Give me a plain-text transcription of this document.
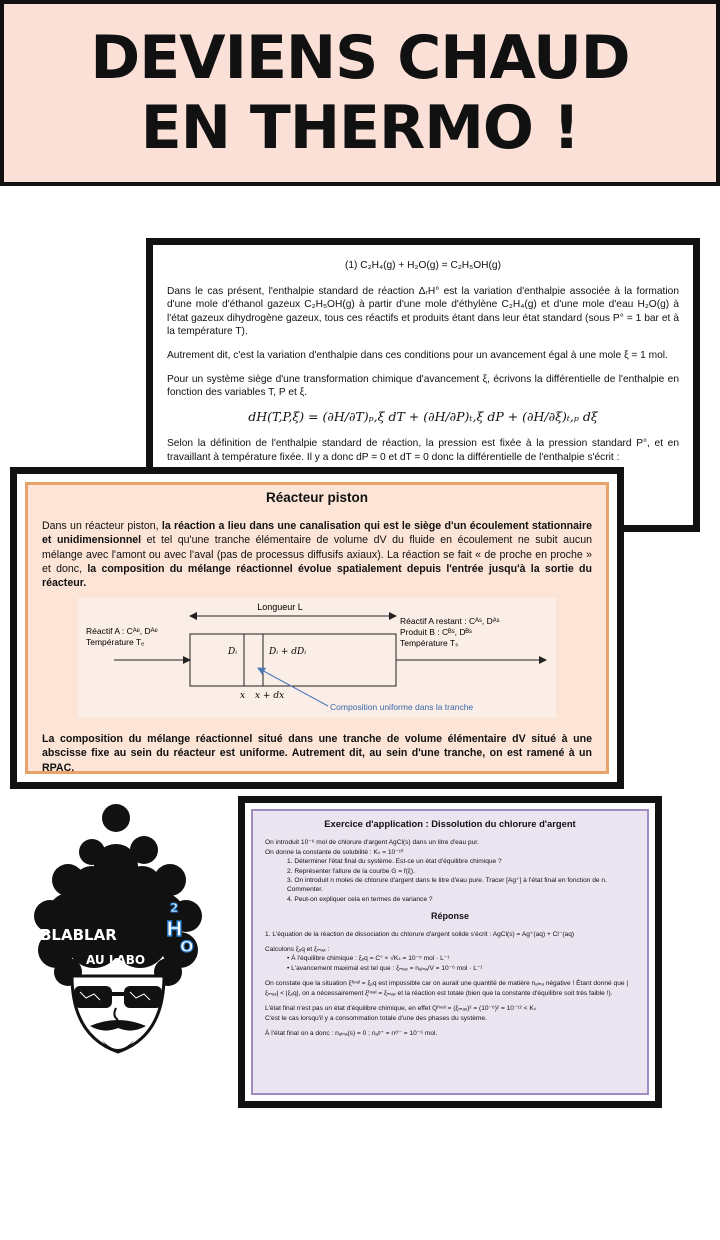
DEVIENS CHAUD
EN THERMO !
(1) C₂H₄(g) + H₂O(g) = C₂H₅OH(g)

Dans le cas présent, l'enthalpie standard de réaction ΔᵣH° est la variation d'enthalpie associée à la formation d'une mole d'éthanol gazeux C₂H₅OH(g) à partir d'une mole d'éthylène C₂H₄(g) et d'une mole d'eau H₂O(g) à l'état gazeux dihydrogène gazeux, tous ces réactifs et produits étant dans leur état standard (sous P° = 1 bar et à la température T).

Autrement dit, c'est la variation d'enthalpie dans ces conditions pour un avancement égal à une mole ξ = 1 mol.

Pour un système siège d'une transformation chimique d'avancement ξ, écrivons la différentielle de l'enthalpie en fonction des variables T, P et ξ.

dH(T,P,ξ) = (∂H/∂T)ₚ,ξ dT + (∂H/∂P)ₜ,ξ dP + (∂H/∂ξ)ₜ,ₚ dξ

Selon la définition de l'enthalpie standard de réaction, la pression est fixée à la pression standard P°, et en travaillant à température fixée. Il y a donc dP = 0 et dT = 0 donc la différentielle de l'enthalpie s'écrit :

Réacteur piston

Dans un réacteur piston, la réaction a lieu dans une canalisation qui est le siège d'un écoulement stationnaire et unidimensionnel et tel qu'une tranche élémentaire de volume dV du fluide en écoulement ne subit aucun mélange avec l'amont ou avec l'aval (pas de processus diffusifs axiaux). La réaction se fait « de proche en proche » et donc, la composition du mélange réactionnel évolue spatialement depuis l'entrée jusqu'à la sortie du réacteur.

Longueur L
Réactif A : Cᴬᵉ, Dᴬᵉ
Température Tₑ
Réactif A restant : Cᴬˢ, Dᴬˢ
Produit B : Cᴮˢ, Dᴮˢ
Température Tₛ
Dᵢ	Dᵢ + dDᵢ
x x + dx
Composition uniforme dans la tranche

La composition du mélange réactionnel situé dans une tranche de volume élémentaire dV situé à une abscisse fixe au sein du réacteur est uniforme. Autrement dit, au sein d'une tranche, on est ramené à un RPAC.

BLABLAR H
2
O
AU LABO
Exercice d'application : Dissolution du chlorure d'argent
On introduit 10⁻⁶ mol de chlorure d'argent AgCl(s) dans un litre d'eau pur.
On donne la constante de solubilité : Kₛ = 10⁻¹⁰
1. Déterminer l'état final du système. Est-ce un état d'équilibre chimique ?
2. Représenter l'allure de la courbe G = f(ξ).
3. On introduit n moles de chlorure d'argent dans le litre d'eau pure. Tracer [Ag⁺] à l'état final en fonction de n. Commenter.
4. Peut-on expliquer cela en termes de variance ?
Réponse
1. L'équation de la réaction de dissociation du chlorure d'argent solide s'écrit : AgCl(s) = Ag⁺(aq) + Cl⁻(aq)
Calculons ξₑq et ξₘₐₓ :
• À l'équilibre chimique : ξₑq = C° × √Kₛ = 10⁻⁵ mol · L⁻¹
• L'avancement maximal est tel que : ξₘₐₓ = nₐₗₙₐ/V = 10⁻⁶ mol · L⁻¹
On constate que la situation ξᶠᶦⁿᵃˡ = ξₑq est impossible car on aurait une quantité de matière nₐₗₙₐ négative ! Étant donné que |ξₘₐₓ| < |ξₑq|, on a nécessairement ξᶠᶦⁿᵃˡ = ξₘₐₓ et la réaction est totale (bien que la constante d'équilibre soit très faible !).
L'état final n'est pas un état d'équilibre chimique, en effet Qᶠᶦⁿᵃˡ = (ξₘₐₓ)² = (10⁻⁶)² = 10⁻¹² < Kₛ
C'est le cas lorsqu'il y a consommation totale d'une des phases du système.
À l'état final on a donc : nₐₗₙₐ(s) = 0 ; nₐᵍ⁺ = nᶜˡ⁻ = 10⁻⁶ mol.
